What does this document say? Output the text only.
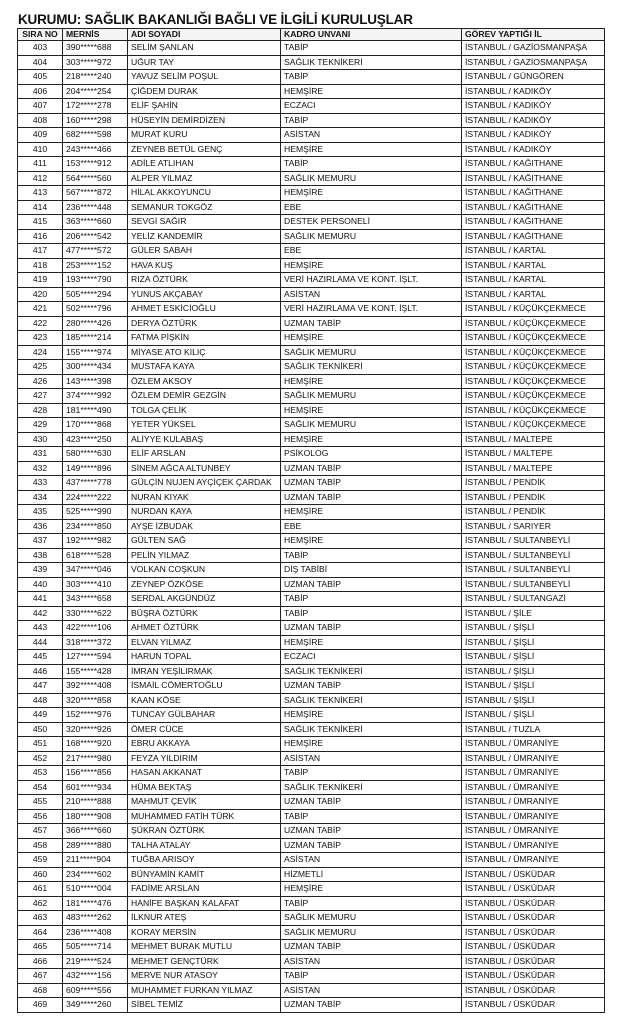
KURUMU: SAĞLIK BAKANLIĞI BAĞLI VE İLGİLİ KURULUŞLAR
SIRA NO	MERNİS	ADI SOYADI	KADRO UNVANI	GÖREV YAPTIĞI İL
403	390*****688	SELİM ŞANLAN	TABİP	İSTANBUL / GAZİOSMANPAŞA
404	303*****972	UĞUR TAY	SAĞLIK TEKNİKERİ	İSTANBUL / GAZİOSMANPAŞA
405	218*****240	YAVUZ SELİM POŞUL	TABİP	İSTANBUL / GÜNGÖREN
406	204*****254	ÇİĞDEM DURAK	HEMŞİRE	İSTANBUL / KADIKÖY
407	172*****278	ELİF ŞAHİN	ECZACI	İSTANBUL / KADIKÖY
408	160*****298	HÜSEYİN DEMİRDİZEN	TABİP	İSTANBUL / KADIKÖY
409	682*****598	MURAT KURU	ASİSTAN	İSTANBUL / KADIKÖY
410	243*****466	ZEYNEB BETÜL GENÇ	HEMŞİRE	İSTANBUL / KADIKÖY
411	153*****912	ADİLE ATLIHAN	TABİP	İSTANBUL / KAĞITHANE
412	564*****560	ALPER YILMAZ	SAĞLIK MEMURU	İSTANBUL / KAĞITHANE
413	567*****872	HİLAL AKKOYUNCU	HEMŞİRE	İSTANBUL / KAĞITHANE
414	236*****448	SEMANUR TOKGÖZ	EBE	İSTANBUL / KAĞITHANE
415	363*****660	SEVGİ SAĞIR	DESTEK PERSONELİ	İSTANBUL / KAĞITHANE
416	206*****542	YELİZ KANDEMİR	SAĞLIK MEMURU	İSTANBUL / KAĞITHANE
417	477*****572	GÜLER SABAH	EBE	İSTANBUL / KARTAL
418	253*****152	HAVA KUŞ	HEMŞİRE	İSTANBUL / KARTAL
419	193*****790	RIZA ÖZTÜRK	VERİ HAZIRLAMA VE KONT. İŞLT.	İSTANBUL / KARTAL
420	505*****294	YUNUS AKÇABAY	ASİSTAN	İSTANBUL / KARTAL
421	502*****796	AHMET ESKİCİOĞLU	VERİ HAZIRLAMA VE KONT. İŞLT.	İSTANBUL / KÜÇÜKÇEKMECE
422	280*****426	DERYA ÖZTÜRK	UZMAN TABİP	İSTANBUL / KÜÇÜKÇEKMECE
423	185*****214	FATMA PİŞKİN	HEMŞİRE	İSTANBUL / KÜÇÜKÇEKMECE
424	155*****974	MİYASE ATO KILIÇ	SAĞLIK MEMURU	İSTANBUL / KÜÇÜKÇEKMECE
425	300*****434	MUSTAFA KAYA	SAĞLIK TEKNİKERİ	İSTANBUL / KÜÇÜKÇEKMECE
426	143*****398	ÖZLEM AKSOY	HEMŞİRE	İSTANBUL / KÜÇÜKÇEKMECE
427	374*****992	ÖZLEM DEMİR GEZGİN	SAĞLIK MEMURU	İSTANBUL / KÜÇÜKÇEKMECE
428	181*****490	TOLGA ÇELİK	HEMŞİRE	İSTANBUL / KÜÇÜKÇEKMECE
429	170*****868	YETER YÜKSEL	SAĞLIK MEMURU	İSTANBUL / KÜÇÜKÇEKMECE
430	423*****250	ALİYYE KULABAŞ	HEMŞİRE	İSTANBUL / MALTEPE
431	580*****630	ELİF ARSLAN	PSİKOLOG	İSTANBUL / MALTEPE
432	149*****896	SİNEM AĞCA ALTUNBEY	UZMAN TABİP	İSTANBUL / MALTEPE
433	437*****778	GÜLÇİN NUJEN AYÇİÇEK ÇARDAK	UZMAN TABİP	İSTANBUL / PENDİK
434	224*****222	NURAN KIYAK	UZMAN TABİP	İSTANBUL / PENDİK
435	525*****990	NURDAN KAYA	HEMŞİRE	İSTANBUL / PENDİK
436	234*****850	AYŞE İZBUDAK	EBE	İSTANBUL / SARIYER
437	192*****982	GÜLTEN SAĞ	HEMŞİRE	İSTANBUL / SULTANBEYLİ
438	618*****528	PELİN YILMAZ	TABİP	İSTANBUL / SULTANBEYLİ
439	347*****046	VOLKAN COŞKUN	DİŞ TABİBİ	İSTANBUL / SULTANBEYLİ
440	303*****410	ZEYNEP ÖZKÖSE	UZMAN TABİP	İSTANBUL / SULTANBEYLİ
441	343*****658	SERDAL AKGÜNDÜZ	TABİP	İSTANBUL / SULTANGAZİ
442	330*****622	BÜŞRA ÖZTÜRK	TABİP	İSTANBUL / ŞİLE
443	422*****106	AHMET ÖZTÜRK	UZMAN TABİP	İSTANBUL / ŞİŞLİ
444	318*****372	ELVAN YILMAZ	HEMŞİRE	İSTANBUL / ŞİŞLİ
445	127*****594	HARUN TOPAL	ECZACI	İSTANBUL / ŞİŞLİ
446	155*****428	İMRAN YEŞİLIRMAK	SAĞLIK TEKNİKERİ	İSTANBUL / ŞİŞLİ
447	392*****408	İSMAİL CÖMERTOĞLU	UZMAN TABİP	İSTANBUL / ŞİŞLİ
448	320*****858	KAAN KÖSE	SAĞLIK TEKNİKERİ	İSTANBUL / ŞİŞLİ
449	152*****976	TUNCAY GÜLBAHAR	HEMŞİRE	İSTANBUL / ŞİŞLİ
450	320*****926	ÖMER CÜCE	SAĞLIK TEKNİKERİ	İSTANBUL / TUZLA
451	168*****920	EBRU AKKAYA	HEMŞİRE	İSTANBUL / ÜMRANİYE
452	217*****980	FEYZA YILDIRIM	ASİSTAN	İSTANBUL / ÜMRANİYE
453	156*****856	HASAN AKKANAT	TABİP	İSTANBUL / ÜMRANİYE
454	601*****934	HÜMA BEKTAŞ	SAĞLIK TEKNİKERİ	İSTANBUL / ÜMRANİYE
455	210*****888	MAHMUT ÇEVİK	UZMAN TABİP	İSTANBUL / ÜMRANİYE
456	180*****908	MUHAMMED FATİH TÜRK	TABİP	İSTANBUL / ÜMRANİYE
457	366*****660	ŞÜKRAN ÖZTÜRK	UZMAN TABİP	İSTANBUL / ÜMRANİYE
458	289*****880	TALHA ATALAY	UZMAN TABİP	İSTANBUL / ÜMRANİYE
459	211*****904	TUĞBA ARISOY	ASİSTAN	İSTANBUL / ÜMRANİYE
460	234*****602	BÜNYAMİN KAMİT	HİZMETLİ	İSTANBUL / ÜSKÜDAR
461	510*****004	FADİME ARSLAN	HEMŞİRE	İSTANBUL / ÜSKÜDAR
462	181*****476	HANİFE BAŞKAN KALAFAT	TABİP	İSTANBUL / ÜSKÜDAR
463	483*****262	İLKNUR ATEŞ	SAĞLIK MEMURU	İSTANBUL / ÜSKÜDAR
464	236*****408	KORAY MERSİN	SAĞLIK MEMURU	İSTANBUL / ÜSKÜDAR
465	505*****714	MEHMET BURAK MUTLU	UZMAN TABİP	İSTANBUL / ÜSKÜDAR
466	219*****524	MEHMET GENÇTÜRK	ASİSTAN	İSTANBUL / ÜSKÜDAR
467	432*****156	MERVE NUR ATASOY	TABİP	İSTANBUL / ÜSKÜDAR
468	609*****556	MUHAMMET FURKAN YILMAZ	ASİSTAN	İSTANBUL / ÜSKÜDAR
469	349*****260	SİBEL TEMİZ	UZMAN TABİP	İSTANBUL / ÜSKÜDAR
